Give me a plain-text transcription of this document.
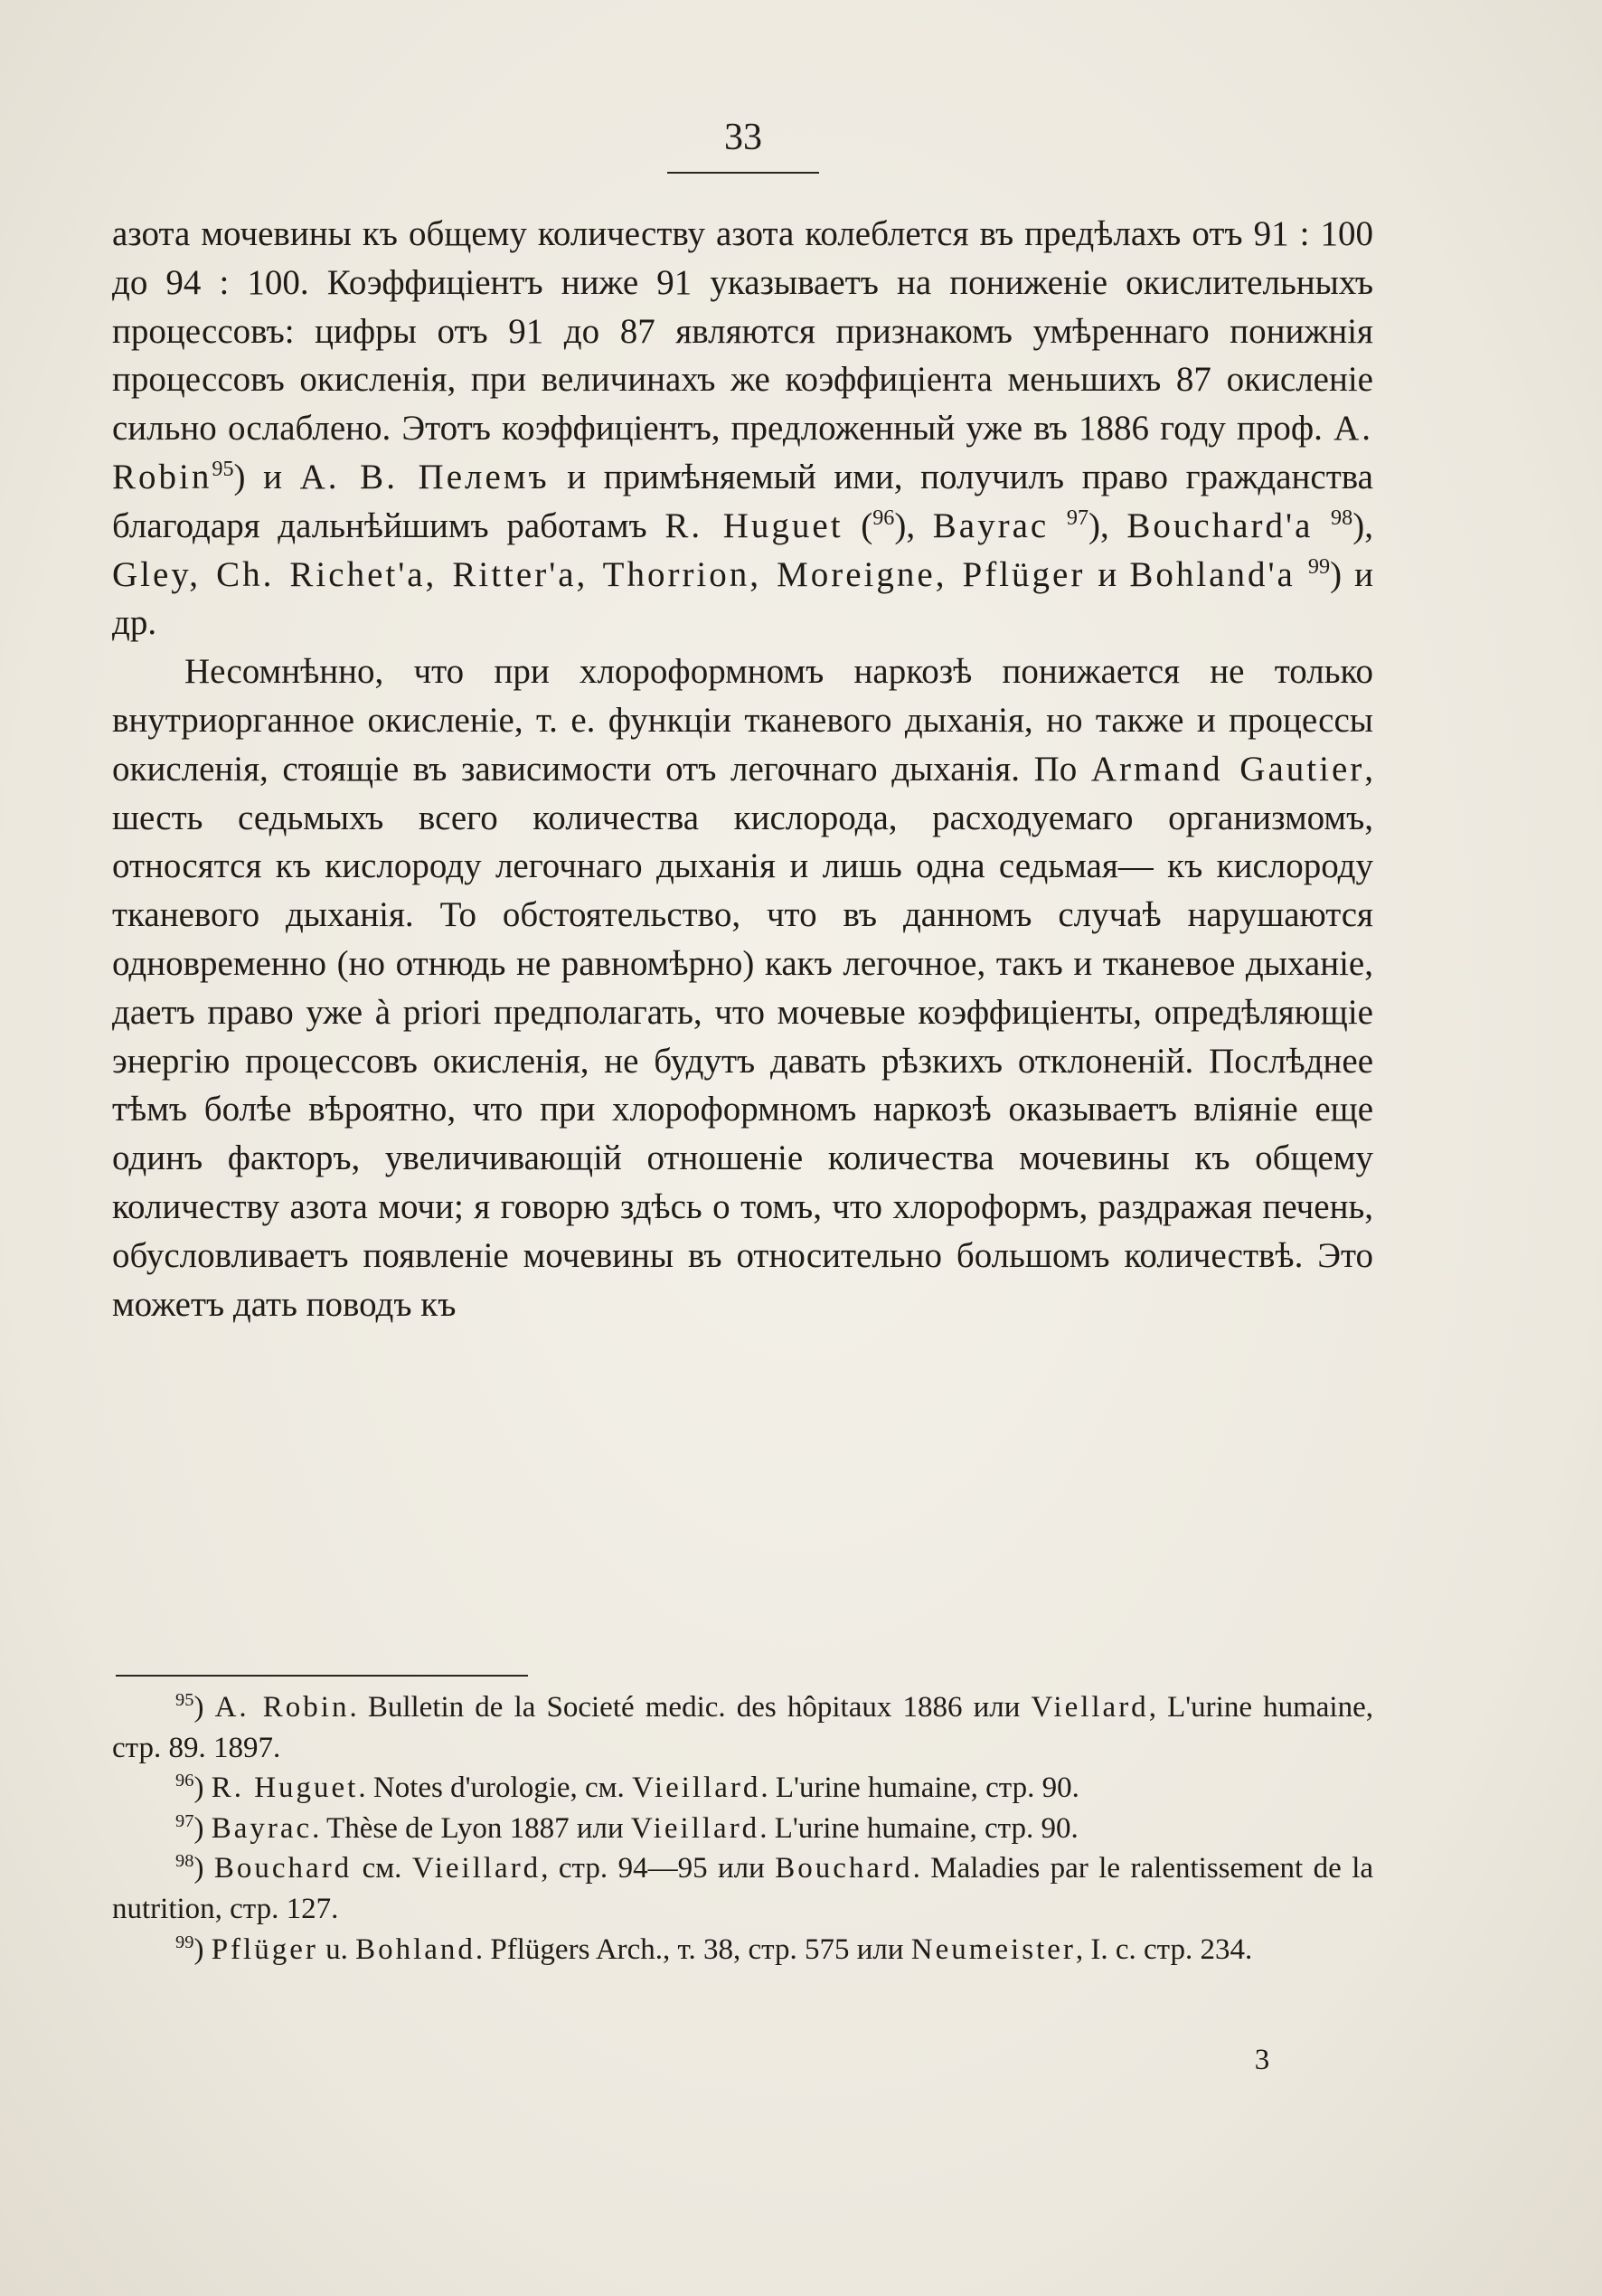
33

азота мочевины къ общему количеству азота колеблется въ предѣлахъ отъ 91 : 100 до 94 : 100. Коэффиціентъ ниже 91 указываетъ на пониженіе окислительныхъ процессовъ: цифры отъ 91 до 87 являются признакомъ умѣреннаго понижнія процессовъ окисленія, при величинахъ же коэффиціента меньшихъ 87 окисленіе сильно ослаблено. Этотъ коэффиціентъ, предложенный уже въ 1886 году проф. A. Robin$^{95}$) и А. В. Пелемъ и примѣняемый ими, получилъ право гражданства благодаря дальнѣйшимъ работамъ R. Huguet ($^{96}$), Bayrac $^{97}$), Bouchard'a $^{98}$), Gley, Ch. Richet'a, Ritter'a, Thorrion, Moreigne, Pflüger и Bohland'a $^{99}$) и др.

Несомнѣнно, что при хлороформномъ наркозѣ понижается не только внутриорганное окисленіе, т. е. функціи тканевого дыханія, но также и процессы окисленія, стоящіе въ зависимости отъ легочнаго дыханія. По Armand Gautier, шесть седьмыхъ всего количества кислорода, расходуемаго организмомъ, относятся къ кислороду легочнаго дыханія и лишь одна седьмая— къ кислороду тканевого дыханія. То обстоятельство, что въ данномъ случаѣ нарушаются одновременно (но отнюдь не равномѣрно) какъ легочное, такъ и тканевое дыханіе, даетъ право уже à priori предполагать, что мочевые коэффиціенты, опредѣляющіе энергію процессовъ окисленія, не будутъ давать рѣзкихъ отклоненій. Послѣднее тѣмъ болѣе вѣроятно, что при хлороформномъ наркозѣ оказываетъ вліяніе еще одинъ факторъ, увеличивающій отношеніе количества мочевины къ общему количеству азота мочи; я говорю здѣсь о томъ, что хлороформъ, раздражая печень, обусловливаетъ появленіе мочевины въ относительно большомъ количествѣ. Это можетъ дать поводъ къ

$^{95}$) A. Robin. Bulletin de la Societé medic. des hôpitaux 1886 или Viellard, L'urine humaine, стр. 89. 1897.

$^{96}$) R. Huguet. Notes d'urologie, см. Vieillard. L'urine humaine, стр. 90.

$^{97}$) Bayrac. Thèse de Lyon 1887 или Vieillard. L'urine humaine, стр. 90.

$^{98}$) Bouchard см. Vieillard, стр. 94—95 или Bouchard. Maladies par le ralentissement de la nutrition, стр. 127.

$^{99}$) Pflüger u. Bohland. Pflügers Arch., т. 38, стр. 575 или Neumeister, I. c. стр. 234.

3
